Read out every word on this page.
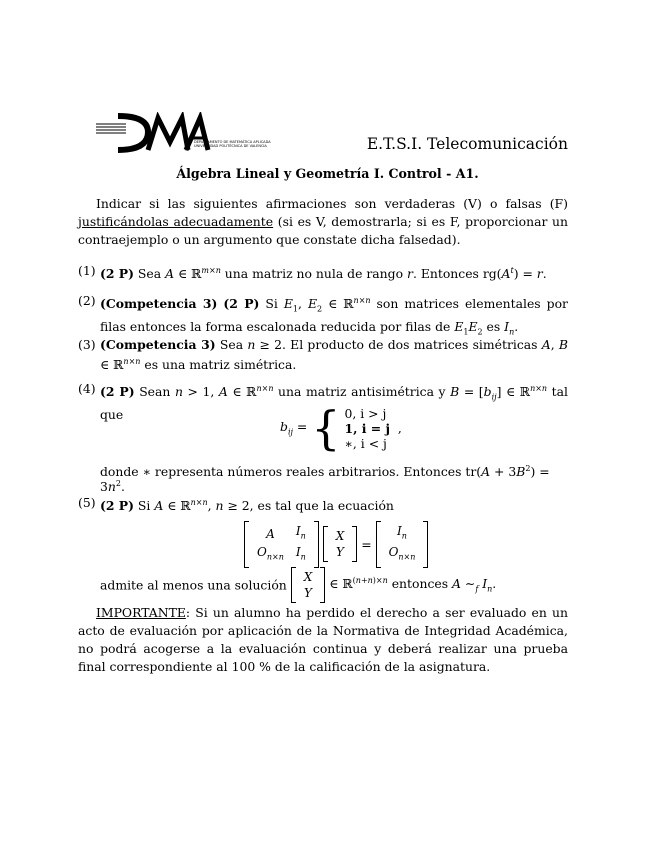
DEPARTAMENTO DE MATEMÁTICA APLICADA
UNIVERSIDAD POLITÉCNICA DE VALENCIA	E.T.S.I. Telecomunicación
Álgebra Lineal y Geometría I. Control - A1.
Indicar si las siguientes afirmaciones son verdaderas (V) o falsas (F) justificándolas adecuadamente (si es V, demostrarla; si es F, proporcionar un contraejemplo o un argumento que constate dicha falsedad).
(1) (2 P) Sea A ∈ ℝ$^{m\times n}$ una matriz no nula de rango r. Entonces $rg(A^t) = r$.
(2) (Competencia 3) (2 P) Si $E_1$, $E_2$ ∈ ℝ$^{n\times n}$ son matrices elementales por filas entonces la forma escalonada reducida por filas de $E_1E_2$ es $I_n$.
(3) (Competencia 3) Sea n ≥ 2. El producto de dos matrices simétricas A, B ∈ ℝ$^{n\times n}$ es una matriz simétrica.
(4) (2 P) Sean n > 1, A ∈ ℝ$^{n\times n}$ una matriz antisimétrica y $B = [b_{ij}]$ ∈ ℝ$^{n\times n}$ tal que
$b_{ij}$ = { 0, i > j
1, i = j
∗, i < j
,
donde ∗ representa números reales arbitrarios. Entonces $tr(A + 3B^2) = 3n^2$.
(5) (2 P) Si A ∈ ℝ$^{n\times n}$, n ≥ 2, es tal que la ecuación
A	$I_n$
$O_{n\times n}$	$I_n$

X
Y
=
$I_n$
$O_{n\times n}$
admite al menos una solución
X
Y
∈ ℝ$^{(n+n)\times n}$ entonces A $\sim_f$ $I_n$.
IMPORTANTE: Si un alumno ha perdido el derecho a ser evaluado en un acto de evaluación por aplicación de la Normativa de Integridad Académica, no podrá acogerse a la evaluación continua y deberá realizar una prueba final correspondiente al 100 % de la calificación de la asignatura.
